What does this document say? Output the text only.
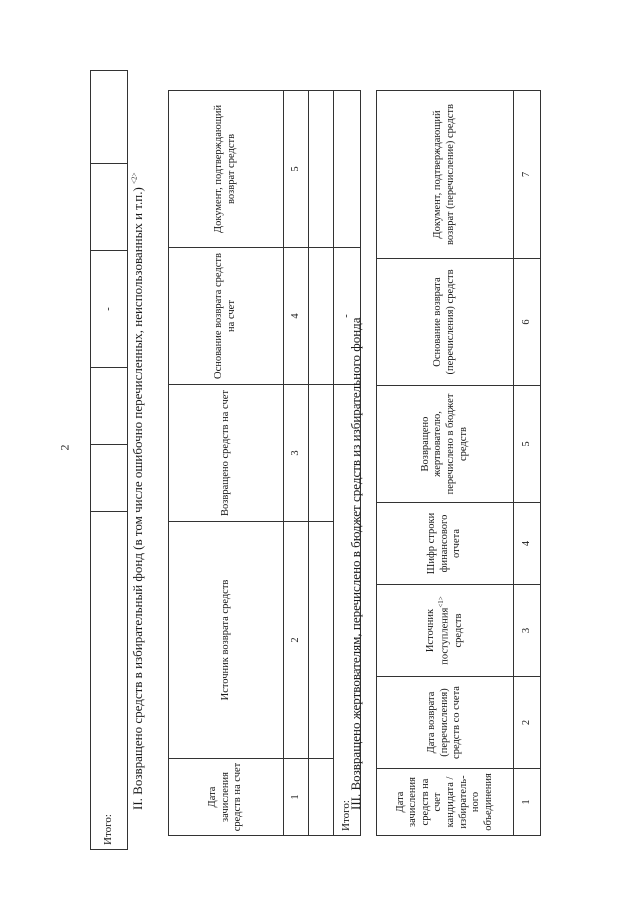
2
Итого:			-		II. Возвращено средств в избирательный фонд (в том числе ошибочно перечисленных, неиспользованных и т.п.) $^{<2>}$
Дата зачисления средств на счет	Источник возврата средств	Возвращено средств на счет	Основание возврата средств на счет	Документ, подтверждающий возврат средств
1	2	3	4	5

Итого:			-	
III. Возвращено жертвователям, перечислено в бюджет средств из избирательного фонда	Дата зачисления средств на счет кандидата / избиратель-ного объединения	Дата возврата (перечисления) средств со счета	Источник поступления$^{<1>}$ средств	Шифр строки финансового отчета	Возвращено жертвователю, перечислено в бюджет средств	Основание возврата (перечисления) средств	Документ, подтверждающий возврат (перечисление) средств
1	2	3	4	5	6	7
